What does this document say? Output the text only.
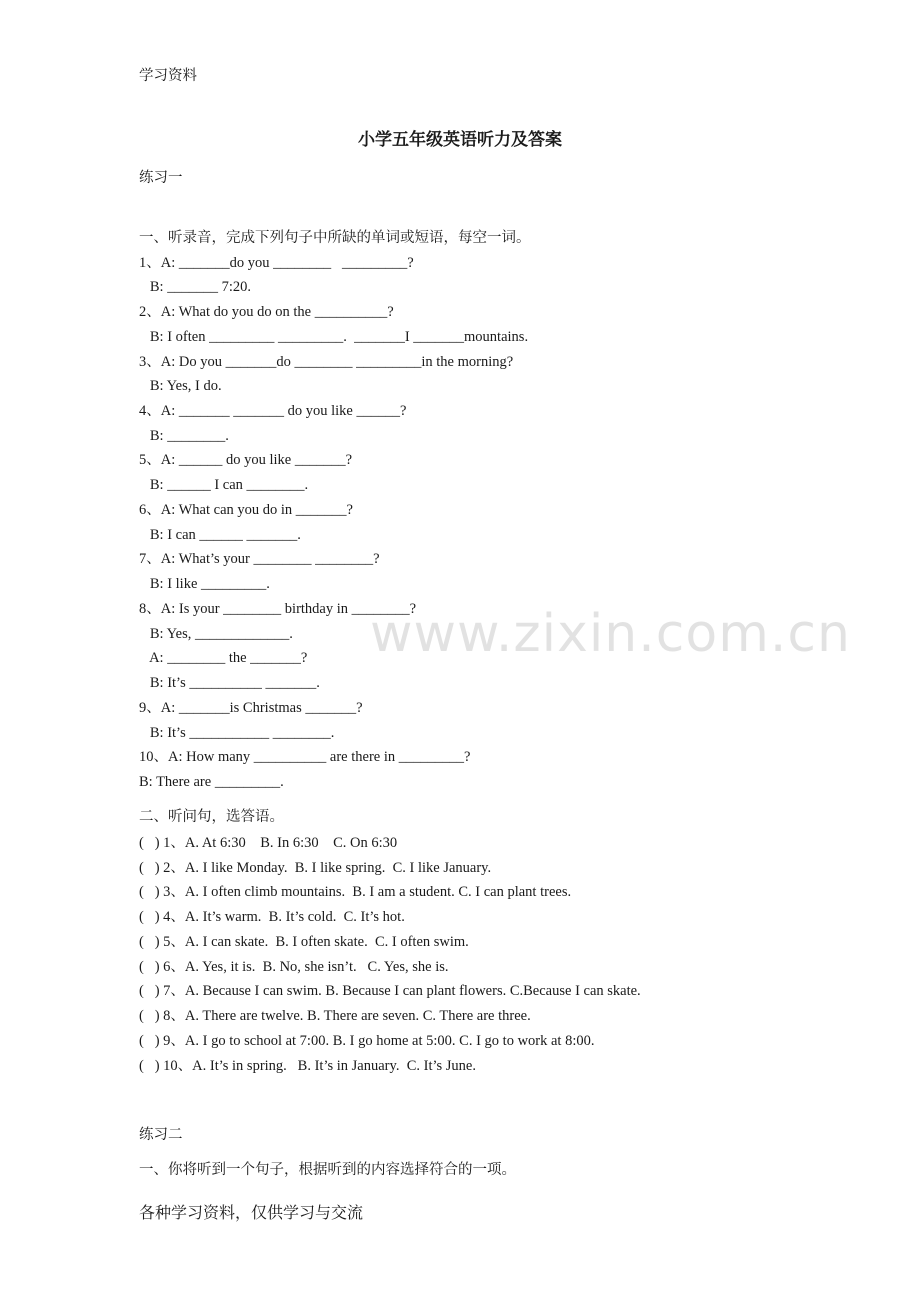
学习资料
小学五年级英语听力及答案
练习一
一、听录音，完成下列句子中所缺的单词或短语，每空一词。
1、A: _______do you ________   _________?
B: _______ 7:20.
2、A: What do you do on the __________?
B: I often _________ _________.  _______I _______mountains.
3、A: Do you _______do ________ _________in the morning?
B: Yes, I do.
4、A: _______ _______ do you like ______?
B: ________.
5、A: ______ do you like _______?
B: ______ I can ________.
6、A: What can you do in _______?
B: I can ______ _______.
7、A: What’s your ________ ________?
B: I like _________.
8、A: Is your ________ birthday in ________?
B: Yes, _____________.
A: ________ the _______?
B: It’s __________ _______.
9、A: _______is Christmas _______?
B: It’s ___________ ________.
10、A: How many __________ are there in _________?
B: There are _________.
二、听问句，选答语。
(   ) 1、A. At 6:30    B. In 6:30    C. On 6:30
(   ) 2、A. I like Monday.  B. I like spring.  C. I like January.
(   ) 3、A. I often climb mountains.  B. I am a student. C. I can plant trees.
(   ) 4、A. It’s warm.  B. It’s cold.  C. It’s hot.
(   ) 5、A. I can skate.  B. I often skate.  C. I often swim.
(   ) 6、A. Yes, it is.  B. No, she isn’t.   C. Yes, she is.
(   ) 7、A. Because I can swim. B. Because I can plant flowers. C.Because I can skate.
(   ) 8、A. There are twelve. B. There are seven. C. There are three.
(   ) 9、A. I go to school at 7:00. B. I go home at 5:00. C. I go to work at 8:00.
(   ) 10、A. It’s in spring.   B. It’s in January.  C. It’s June.
练习二
一、你将听到一个句子，根据听到的内容选择符合的一项。
www.zixin.com.cn
各种学习资料，仅供学习与交流
